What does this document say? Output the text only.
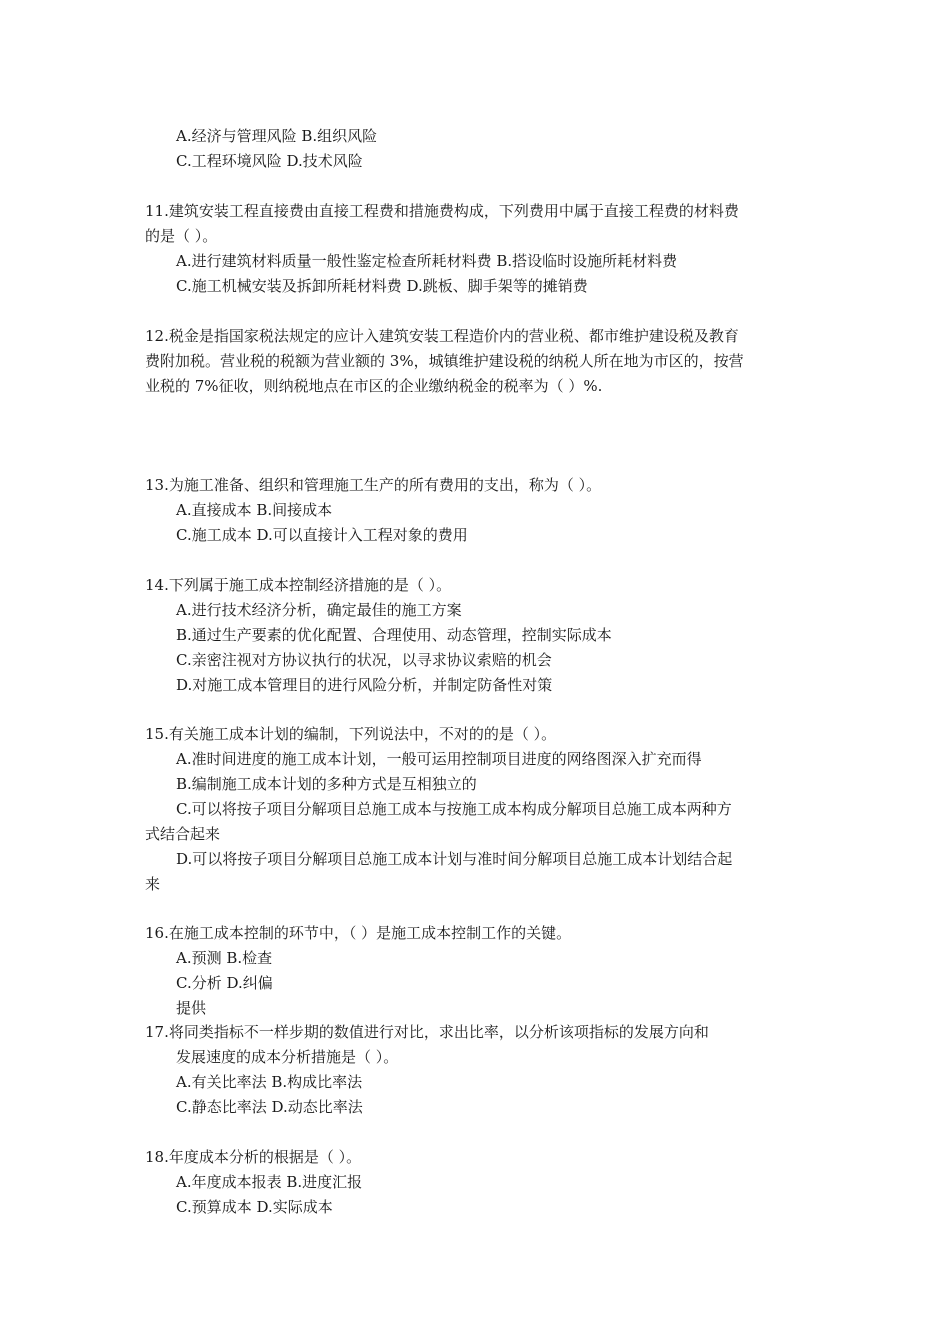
A.经济与管理风险 B.组织风险
C.工程环境风险 D.技术风险
11.建筑安装工程直接费由直接工程费和措施费构成，下列费用中属于直接工程费的材料费
的是（ ）。
A.进行建筑材料质量一般性鉴定检查所耗材料费 B.搭设临时设施所耗材料费
C.施工机械安装及拆卸所耗材料费 D.跳板、脚手架等的摊销费
12.税金是指国家税法规定的应计入建筑安装工程造价内的营业税、都市维护建设税及教育
费附加税。营业税的税额为营业额的 3%，城镇维护建设税的纳税人所在地为市区的，按营
业税的 7%征收，则纳税地点在市区的企业缴纳税金的税率为（ ）%.
13.为施工准备、组织和管理施工生产的所有费用的支出，称为（ ）。
A.直接成本 B.间接成本
C.施工成本 D.可以直接计入工程对象的费用
14.下列属于施工成本控制经济措施的是（ ）。
A.进行技术经济分析，确定最佳的施工方案
B.通过生产要素的优化配置、合理使用、动态管理，控制实际成本
C.亲密注视对方协议执行的状况，以寻求协议索赔的机会
D.对施工成本管理目的进行风险分析，并制定防备性对策
15.有关施工成本计划的编制，下列说法中，不对的的是（ ）。
A.准时间进度的施工成本计划，一般可运用控制项目进度的网络图深入扩充而得
B.编制施工成本计划的多种方式是互相独立的
C.可以将按子项目分解项目总施工成本与按施工成本构成分解项目总施工成本两种方
式结合起来
D.可以将按子项目分解项目总施工成本计划与准时间分解项目总施工成本计划结合起
来
16.在施工成本控制的环节中，（ ）是施工成本控制工作的关键。
A.预测 B.检查
C.分析 D.纠偏
提供
17.将同类指标不一样步期的数值进行对比，求出比率，以分析该项指标的发展方向和
发展速度的成本分析措施是（ ）。
A.有关比率法 B.构成比率法
C.静态比率法 D.动态比率法
18.年度成本分析的根据是（ ）。
A.年度成本报表 B.进度汇报
C.预算成本 D.实际成本
